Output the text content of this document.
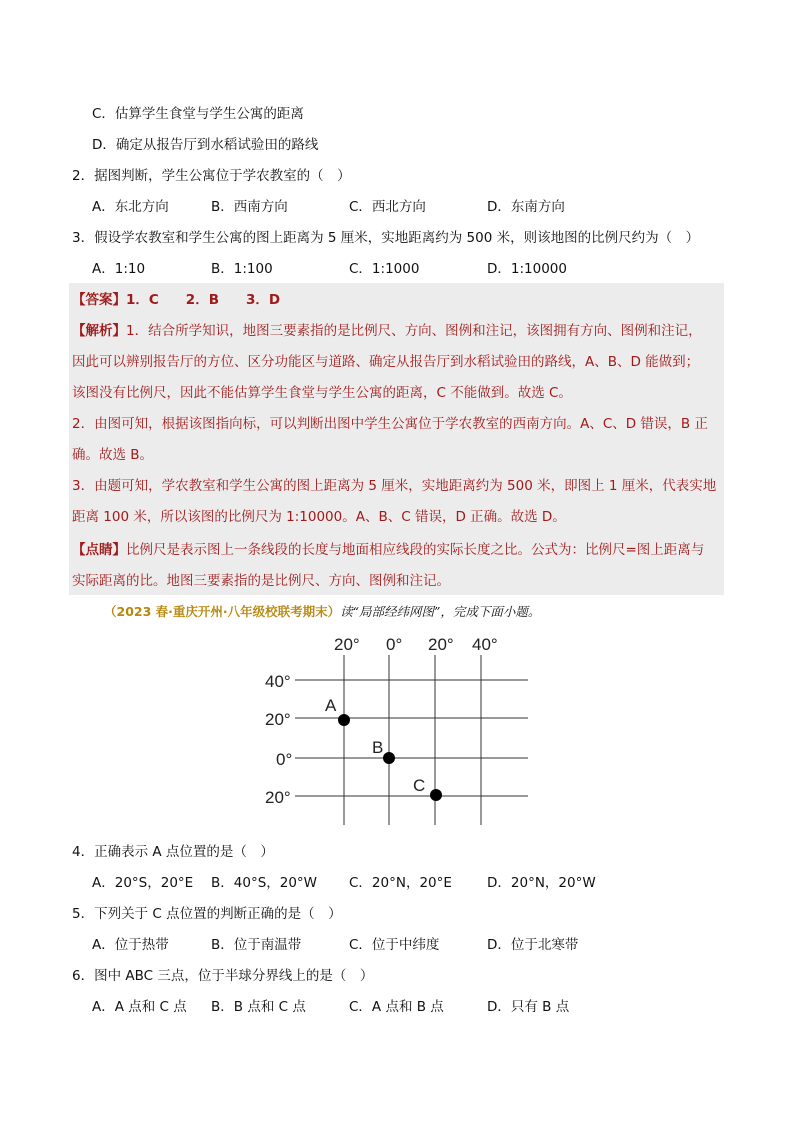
C．估算学生食堂与学生公寓的距离
D．确定从报告厅到水稻试验田的路线
2．据图判断，学生公寓位于学农教室的（　）
A．东北方向	B．西南方向	C．西北方向	D．东南方向
3．假设学农教室和学生公寓的图上距离为 5 厘米，实地距离约为 500 米，则该地图的比例尺约为（　）
A．1:10	B．1:100	C．1:1000	D．1:10000
【答案】1．C　　2．B　　3．D
【解析】1．结合所学知识，地图三要素指的是比例尺、方向、图例和注记，该图拥有方向、图例和注记，
因此可以辨别报告厅的方位、区分功能区与道路、确定从报告厅到水稻试验田的路线，A、B、D 能做到；
该图没有比例尺，因此不能估算学生食堂与学生公寓的距离，C 不能做到。故选 C。
2．由图可知，根据该图指向标，可以判断出图中学生公寓位于学农教室的西南方向。A、C、D 错误，B 正
确。故选 B。
3．由题可知，学农教室和学生公寓的图上距离为 5 厘米，实地距离约为 500 米，即图上 1 厘米，代表实地
距离 100 米，所以该图的比例尺为 1:10000。A、B、C 错误，D 正确。故选 D。
【点睛】比例尺是表示图上一条线段的长度与地面相应线段的实际长度之比。公式为：比例尺=图上距离与
实际距离的比。地图三要素指的是比例尺、方向、图例和注记。
（2023 春·重庆开州·八年级校联考期末）读“局部经纬网图”，完成下面小题。
20° 0° 20° 40°
40°
20°
0°
20°
A
B
C
4．正确表示 A 点位置的是（　）
A．20°S，20°E B．40°S，20°W C．20°N，20°E	D．20°N，20°W
5．下列关于 C 点位置的判断正确的是（　）
A．位于热带	B．位于南温带	C．位于中纬度	D．位于北寒带
6．图中 ABC 三点，位于半球分界线上的是（　）
A．A 点和 C 点 B．B 点和 C 点	C．A 点和 B 点	D．只有 B 点
